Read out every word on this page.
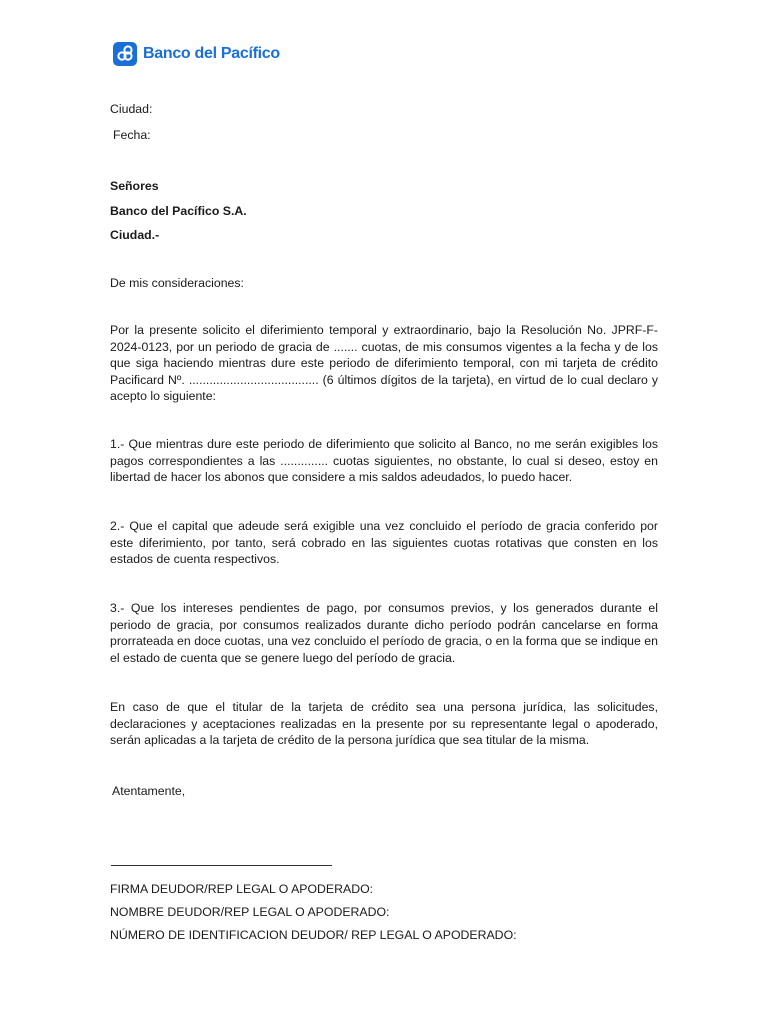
Banco del Pacífico
Ciudad:
Fecha:
Señores
Banco del Pacífico S.A.
Ciudad.-
De mis consideraciones:
Por la presente solicito el diferimiento temporal y extraordinario, bajo la Resolución No. JPRF-F-2024-0123, por un periodo de gracia de ....... cuotas, de mis consumos vigentes a la fecha y de los que siga haciendo mientras dure este periodo de diferimiento temporal, con mi tarjeta de crédito Pacificard Nº. ...................................... (6 últimos dígitos de la tarjeta), en virtud de lo cual declaro y acepto lo siguiente:
1.- Que mientras dure este periodo de diferimiento que solicito al Banco, no me serán exigibles los pagos correspondientes a las .............. cuotas siguientes, no obstante, lo cual si deseo, estoy en libertad de hacer los abonos que considere a mis saldos adeudados, lo puedo hacer.
2.- Que el capital que adeude será exigible una vez concluido el período de gracia conferido por este diferimiento, por tanto, será cobrado en las siguientes cuotas rotativas que consten en los estados de cuenta respectivos.
3.- Que los intereses pendientes de pago, por consumos previos, y los generados durante el periodo de gracia, por consumos realizados durante dicho período podrán cancelarse en forma prorrateada en doce cuotas, una vez concluido el período de gracia, o en la forma que se indique en el estado de cuenta que se genere luego del período de gracia.
En caso de que el titular de la tarjeta de crédito sea una persona jurídica, las solicitudes, declaraciones y aceptaciones realizadas en la presente por su representante legal o apoderado, serán aplicadas a la tarjeta de crédito de la persona jurídica que sea titular de la misma.
Atentamente,
FIRMA DEUDOR/REP LEGAL O APODERADO:
NOMBRE DEUDOR/REP LEGAL O APODERADO:
NÚMERO DE IDENTIFICACION DEUDOR/ REP LEGAL O APODERADO:
